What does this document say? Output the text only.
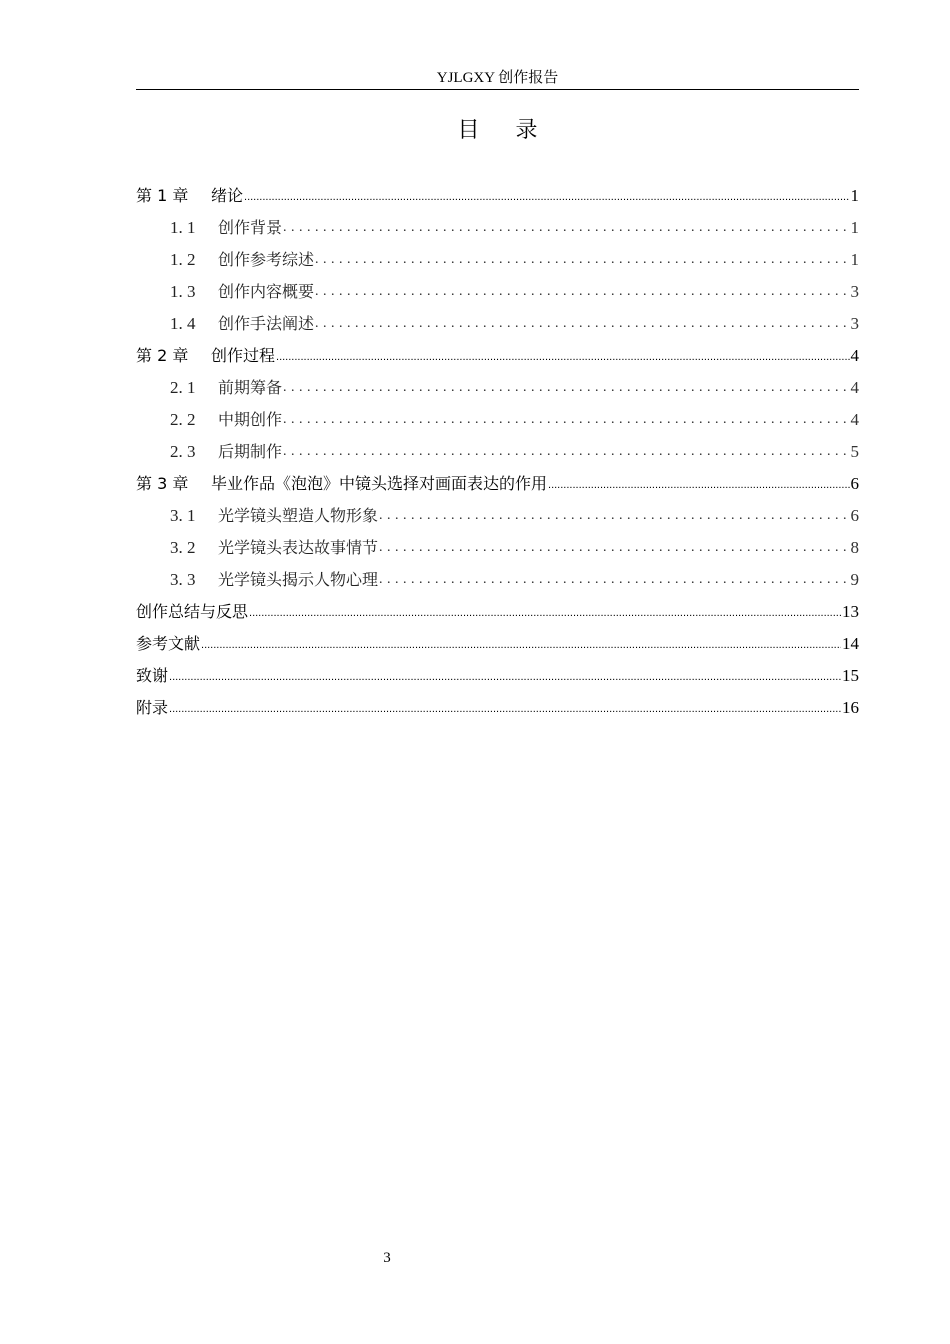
YJLGXY 创作报告
目录
第 1 章	绪论 .....	1
1. 1	创作背景 . . .	1
1. 2	创作参考综述 . . .	1
1. 3	创作内容概要 . . .	3
1. 4	创作手法阐述 . . .	3
第 2 章	创作过程 .....	4
2. 1	前期筹备 . . .	4
2. 2	中期创作 . . .	4
2. 3	后期制作 . . .	5
第 3 章	毕业作品《泡泡》中镜头选择对画面表达的作用 .....	6
3. 1	光学镜头塑造人物形象 . . .	6
3. 2	光学镜头表达故事情节 . . .	8
3. 3	光学镜头揭示人物心理 . . .	9
创作总结与反思 .....	13
参考文献 .....	14
致谢 .....	15
附录 .....	16
3
